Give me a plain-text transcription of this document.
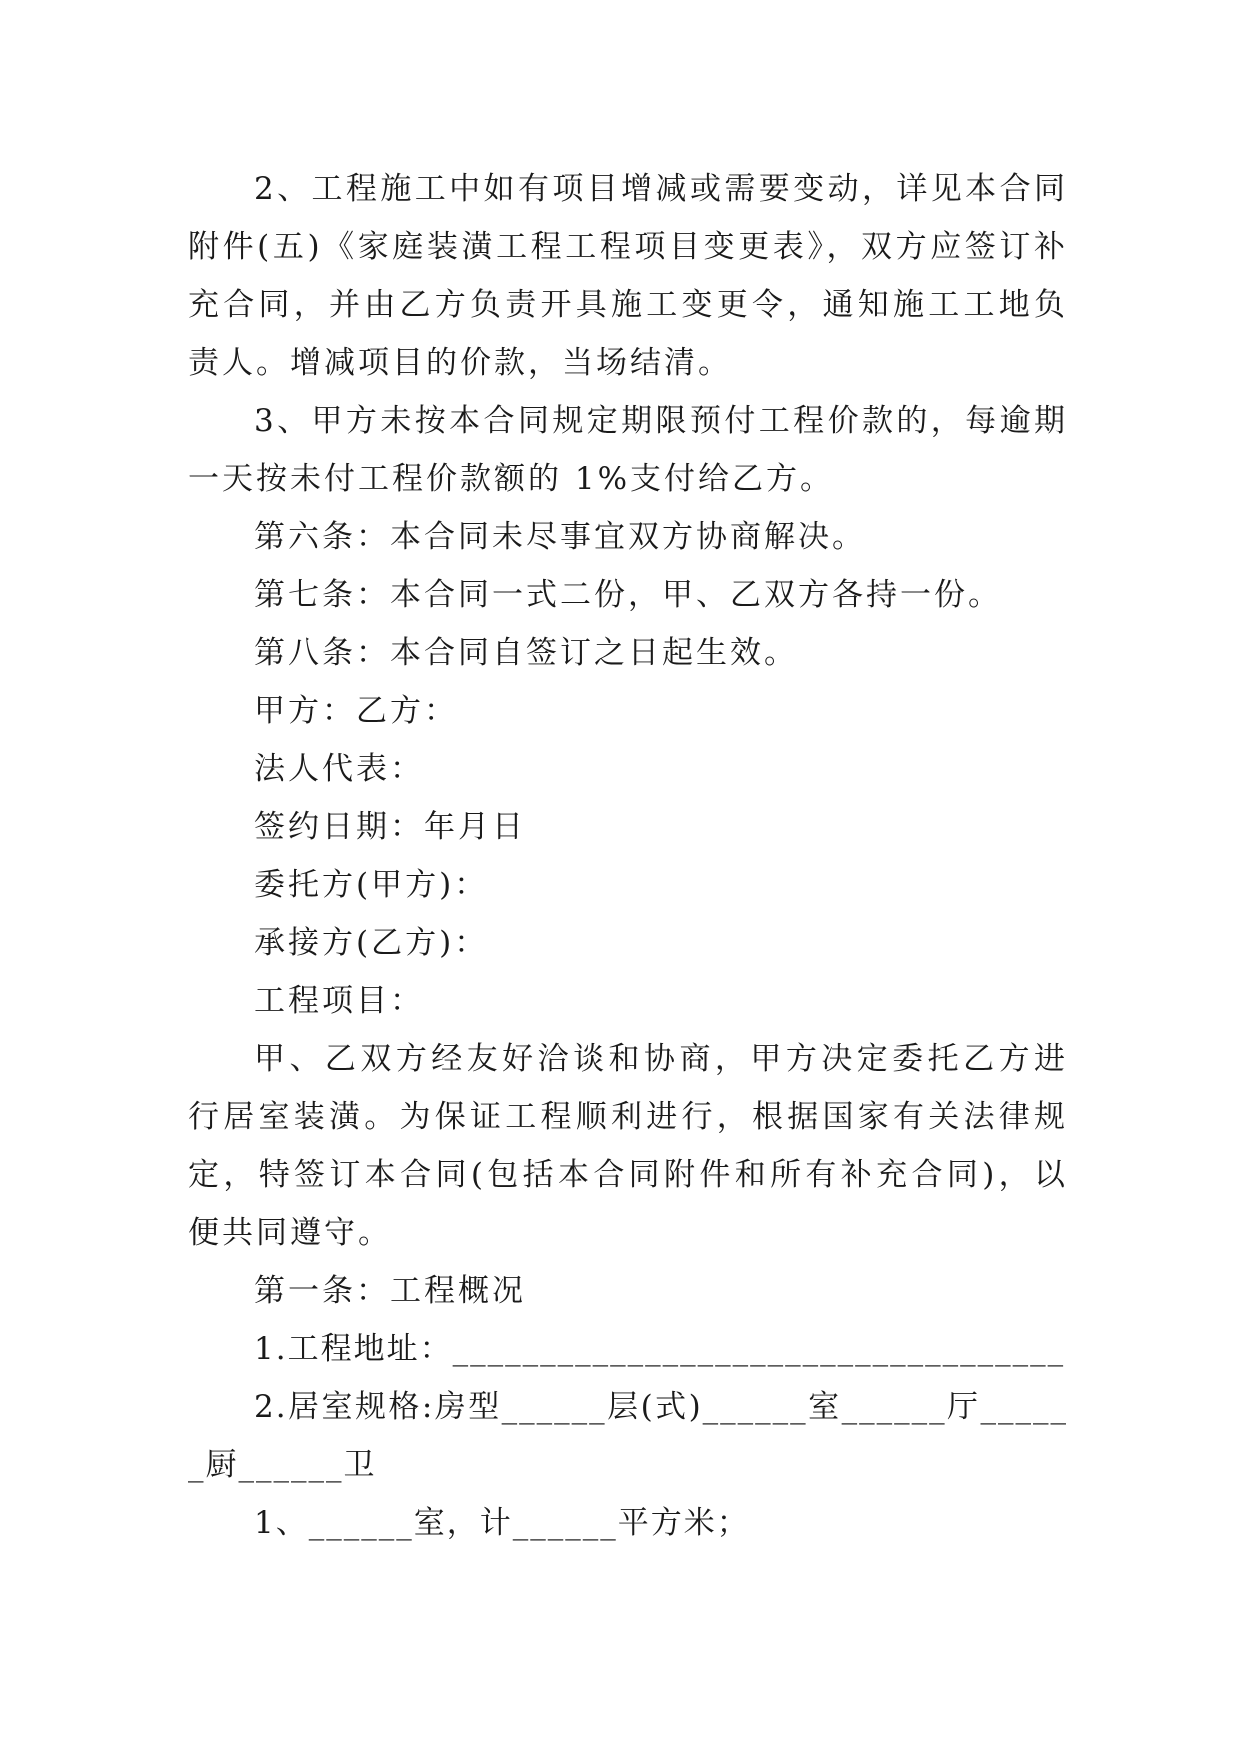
2、工程施工中如有项目增减或需要变动，详见本合同附件(五)《家庭装潢工程工程项目变更表》，双方应签订补充合同，并由乙方负责开具施工变更令，通知施工工地负责人。增减项目的价款，当场结清。

3、甲方未按本合同规定期限预付工程价款的，每逾期一天按未付工程价款额的 1%支付给乙方。

第六条：本合同未尽事宜双方协商解决。

第七条：本合同一式二份，甲、乙双方各持一份。

第八条：本合同自签订之日起生效。

甲方：乙方：

法人代表：

签约日期：年月日

委托方(甲方)：

承接方(乙方)：

工程项目：

甲、乙双方经友好洽谈和协商，甲方决定委托乙方进行居室装潢。为保证工程顺利进行，根据国家有关法律规定，特签订本合同(包括本合同附件和所有补充合同)，以便共同遵守。

第一条：工程概况

1.工程地址：___________________________________

2.居室规格:房型______层(式)______室______厅______厨______卫

1、______室，计______平方米；
